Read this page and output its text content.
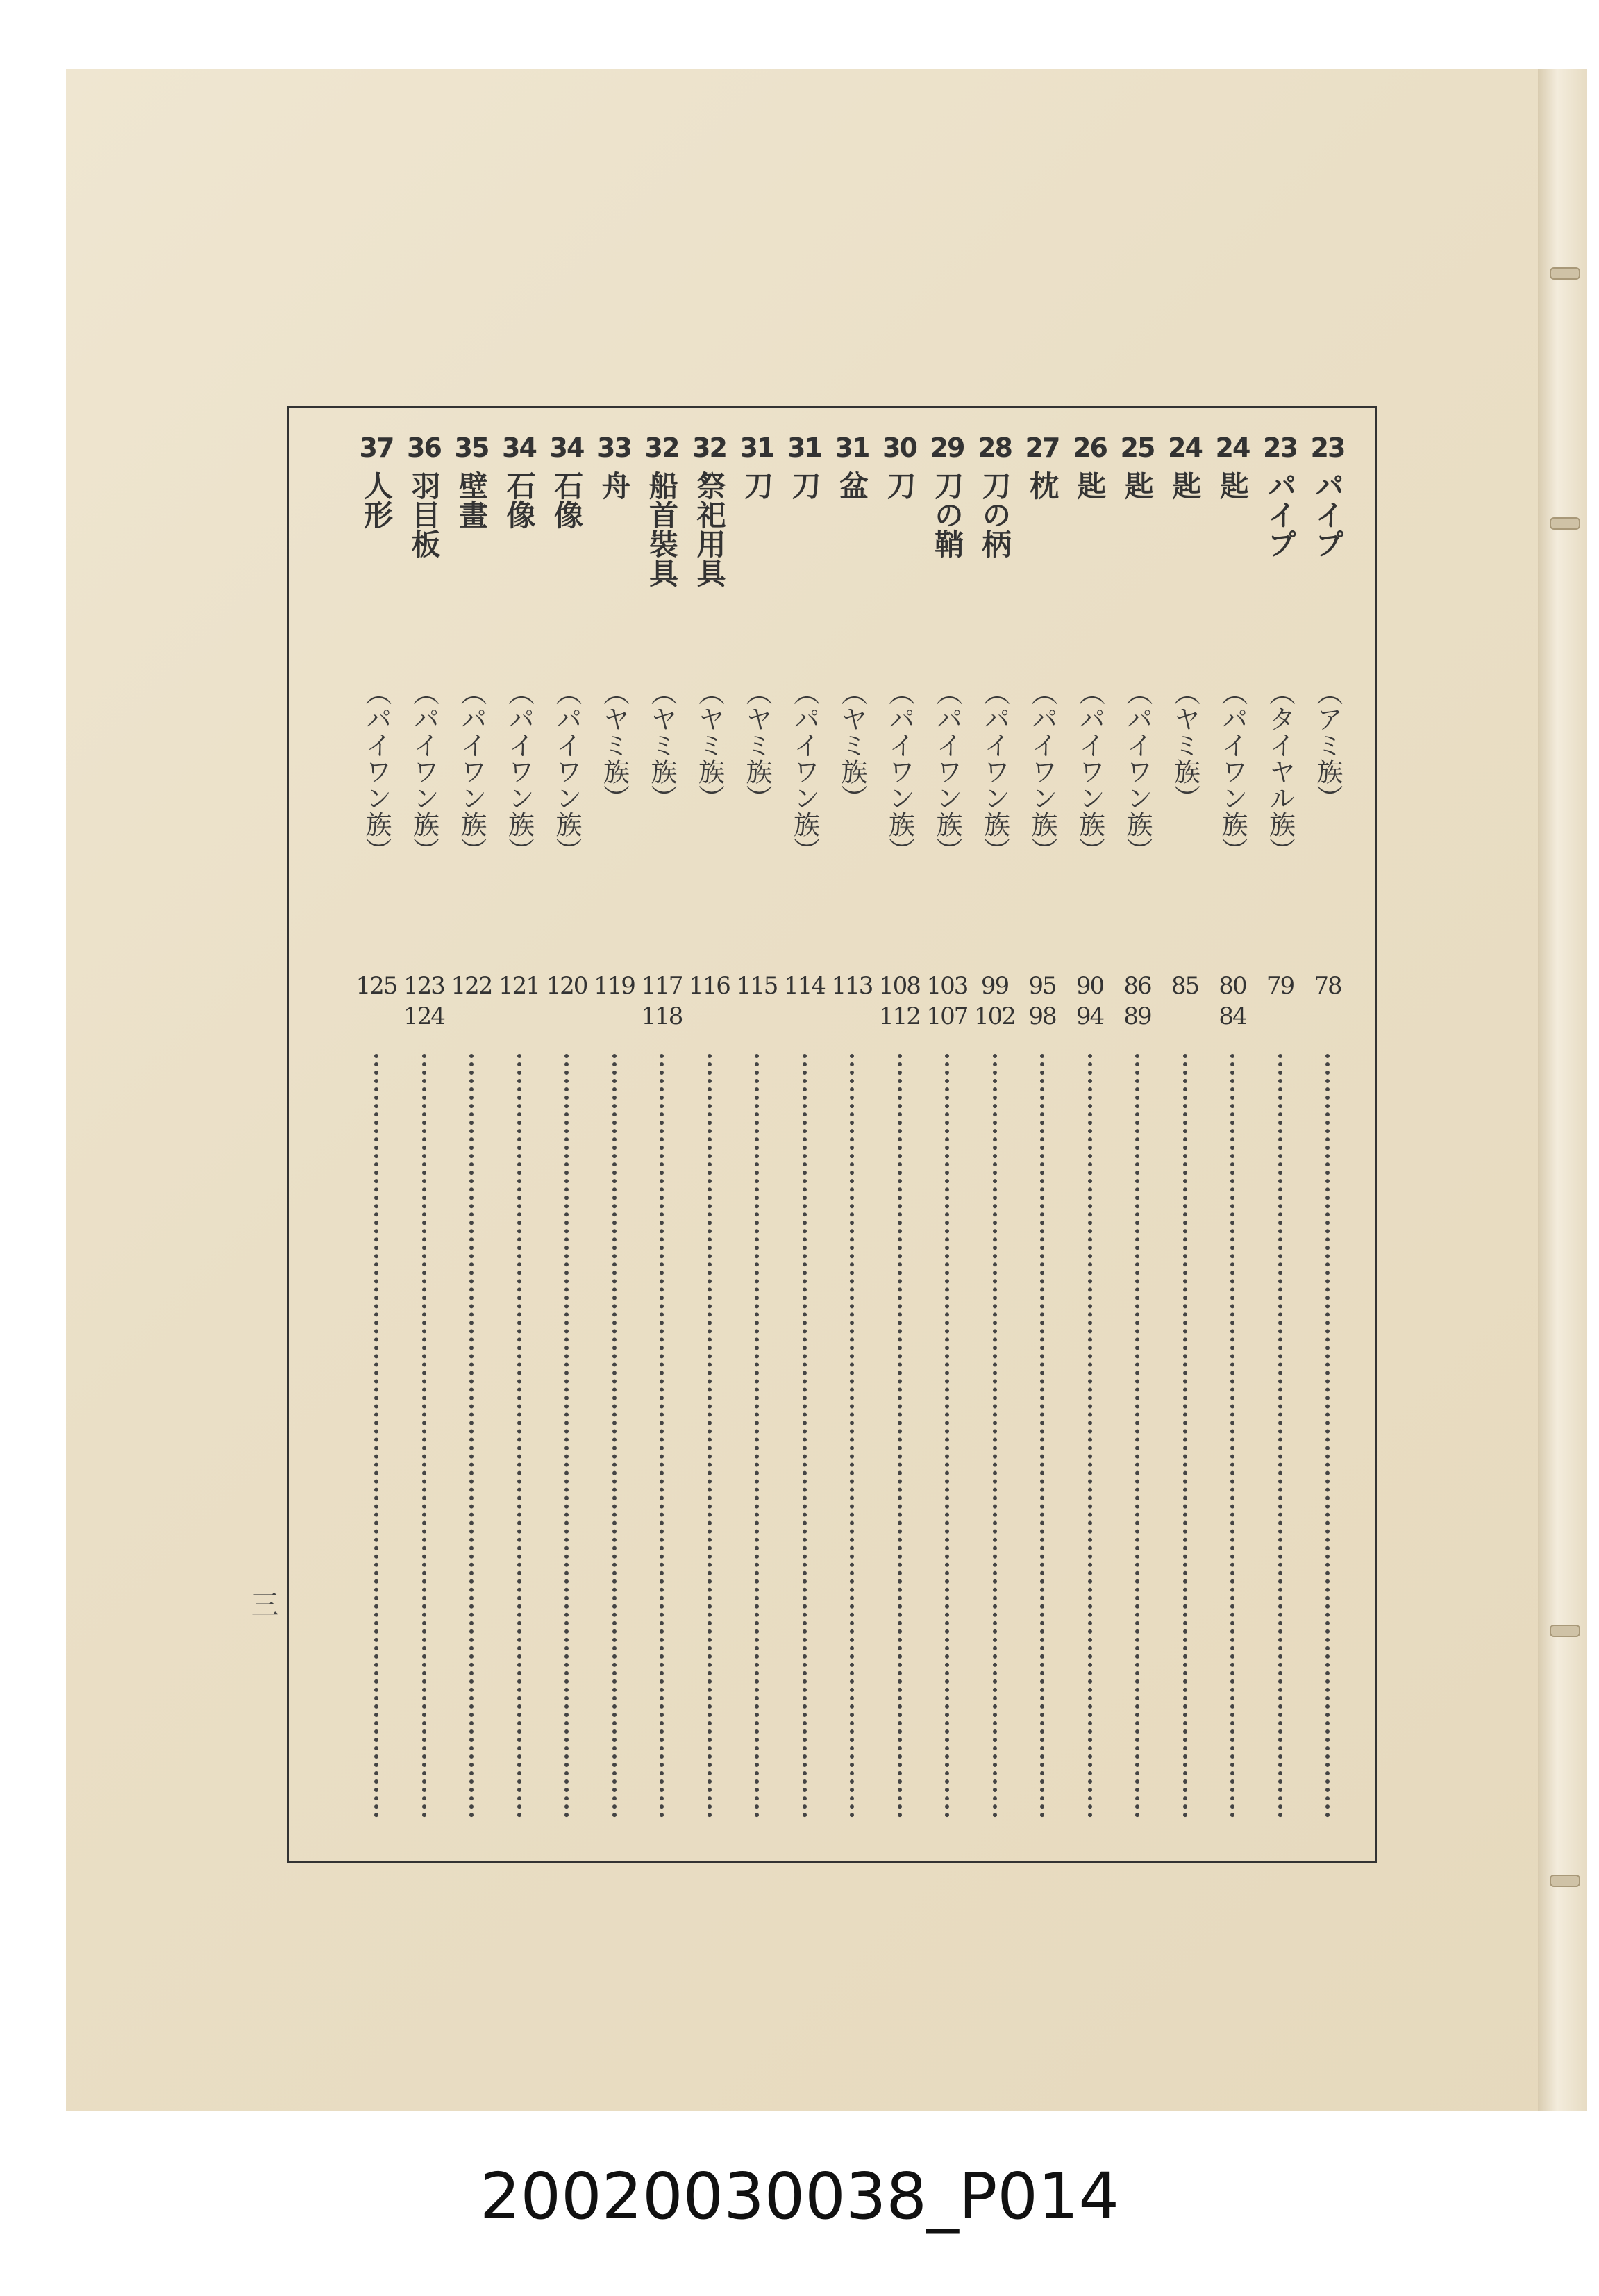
37
人形
（パイワン族）
125
36
羽目板
（パイワン族）
123
124
35
壁畫
（パイワン族）
122
34
石像
（パイワン族）
121
34
石像
（パイワン族）
120
33
舟
（ヤミ族）
119
32
船首裝具
（ヤミ族）
117
118
32
祭祀用具
（ヤミ族）
116
31
刀
（ヤミ族）
115
31
刀
（パイワン族）
114
31
盆
（ヤミ族）
113
30
刀
（パイワン族）
108
112
29
刀の鞘
（パイワン族）
103
107
28
刀の柄
（パイワン族）
99
102
27
枕
（パイワン族）
95
98
26
匙
（パイワン族）
90
94
25
匙
（パイワン族）
86
89
24
匙
（ヤミ族）
85
24
匙
（パイワン族）
80
84
23
パイプ
（タイヤル族）
79
23
パイプ
（アミ族）
78
三
20020030038_P014
